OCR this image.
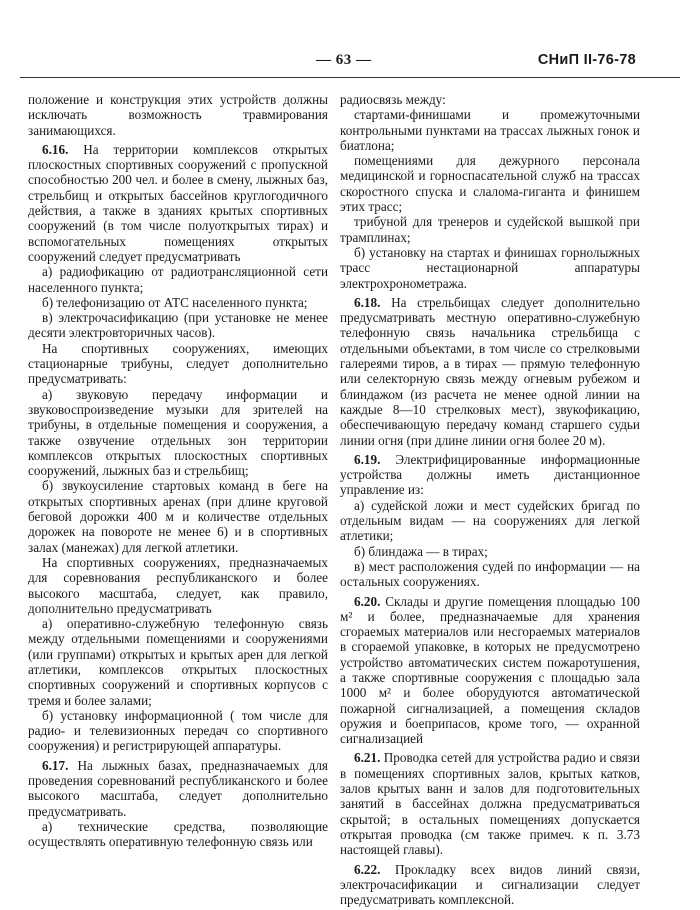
— 63 —	СНиП II-76-78

положение и конструкция этих устройств должны исключать возможность травмирования занимающихся.

6.16. На территории комплексов открытых плоскостных спортивных сооружений с пропускной способностью 200 чел. и более в смену, лыжных баз, стрельбищ и открытых бассейнов круглогодичного действия, а также в зданиях крытых спортивных сооружений (в том числе полуоткрытых тирах) и вспомогательных помещениях открытых сооружений следует предусматривать

а) радиофикацию от радиотрансляционной сети населенного пункта;

б) телефонизацию от АТС населенного пункта;

в) электрочасификацию (при установке не менее десяти электровторичных часов).

На спортивных сооружениях, имеющих стационарные трибуны, следует дополнительно предусматривать:

а) звуковую передачу информации и звуковоспроизведение музыки для зрителей на трибуны, в отдельные помещения и сооружения, а также озвучение отдельных зон территории комплексов открытых плоскостных спортивных сооружений, лыжных баз и стрельбищ;

б) звукоусиление стартовых команд в беге на открытых спортивных аренах (при длине круговой беговой дорожки 400 м и количестве отдельных дорожек на повороте не менее 6) и в спортивных залах (манежах) для легкой атлетики.

На спортивных сооружениях, предназначаемых для соревнования республиканского и более высокого масштаба, следует, как правило, дополнительно предусматривать

а) оперативно-служебную телефонную связь между отдельными помещениями и сооружениями (или группами) открытых и крытых арен для легкой атлетики, комплексов открытых плоскостных спортивных сооружений и спортивных корпусов с тремя и более залами;

б) установку информационной ( том числе для радио- и телевизионных передач со спортивного сооружения) и регистрирующей аппаратуры.

6.17. На лыжных базах, предназначаемых для проведения соревнований республиканского и более высокого масштаба, следует дополнительно предусматривать.

а) технические средства, позволяющие осуществлять оперативную телефонную связь или

радиосвязь между:

стартами-финишами и промежуточными контрольными пунктами на трассах лыжных гонок и биатлона;

помещениями для дежурного персонала медицинской и горноспасательной служб на трассах скоростного спуска и слалома-гиганта и финишем этих трасс;

трибуной для тренеров и судейской вышкой при трамплинах;

б) установку на стартах и финишах горнолыжных трасс нестационарной аппаратуры электрохронометража.

6.18. На стрельбищах следует дополнительно предусматривать местную оперативно-служебную телефонную связь начальника стрельбища с отдельными объектами, в том числе со стрелковыми галереями тиров, а в тирах — прямую телефонную или селекторную связь между огневым рубежом и блиндажом (из расчета не менее одной линии на каждые 8—10 стрелковых мест), звукофикацию, обеспечивающую передачу команд старшего судьи линии огня (при длине линии огня более 20 м).

6.19. Электрифицированные информационные устройства должны иметь дистанционное управление из:

а) судейской ложи и мест судейских бригад по отдельным видам — на сооружениях для легкой атлетики;

б) блиндажа — в тирах;

в) мест расположения судей по информации — на остальных сооружениях.

6.20. Склады и другие помещения площадью 100 м² и более, предназначаемые для хранения сгораемых материалов или несгораемых материалов в сгораемой упаковке, в которых не предусмотрено устройство автоматических систем пожаротушения, а также спортивные сооружения с площадью зала 1000 м² и более оборудуются автоматической пожарной сигнализацией, а помещения складов оружия и боеприпасов, кроме того, — охранной сигнализацией

6.21. Проводка сетей для устройства радио и связи в помещениях спортивных залов, крытых катков, залов крытых ванн и залов для подготовительных занятий в бассейнах должна предусматриваться скрытой; в остальных помещениях допускается открытая проводка (см также примеч. к п. 3.73 настоящей главы).

6.22. Прокладку всех видов линий связи, электрочасификации и сигнализации следует предусматривать комплексной.
